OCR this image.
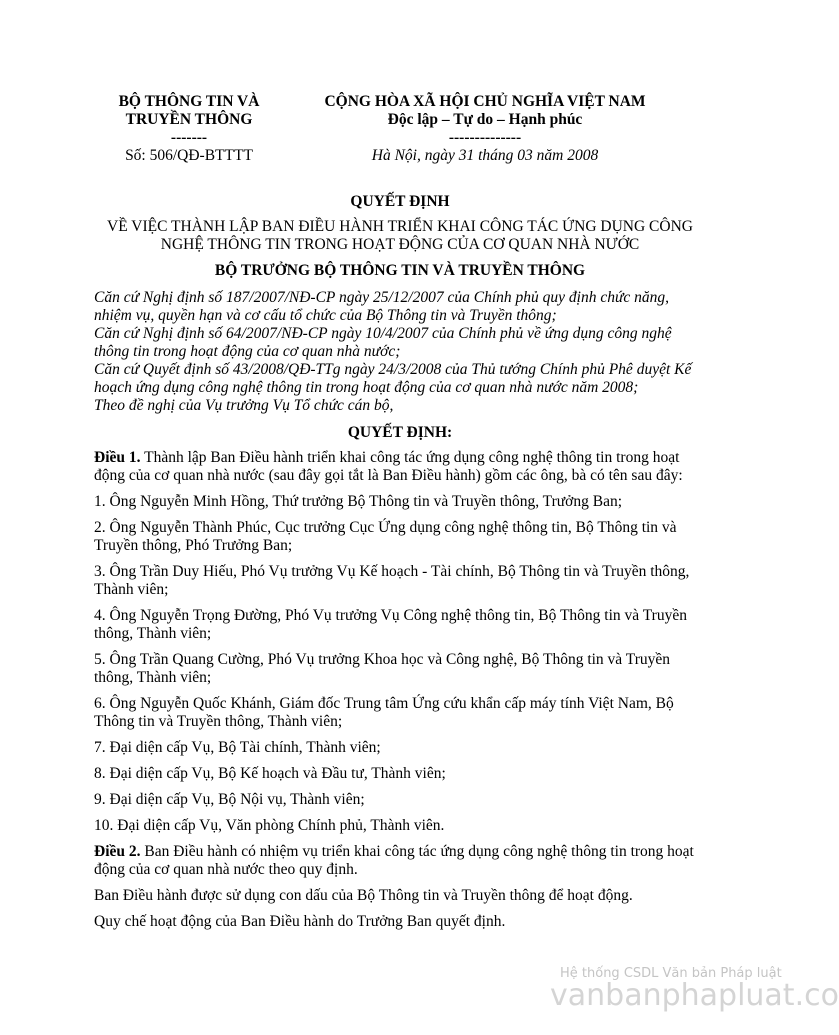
BỘ THÔNG TIN VÀ
TRUYỀN THÔNG
-------
CỘNG HÒA XÃ HỘI CHỦ NGHĨA VIỆT NAM
Độc lập – Tự do – Hạnh phúc
--------------
Số: 506/QĐ-BTTTT	Hà Nội, ngày 31 tháng 03 năm 2008
QUYẾT ĐỊNH
VỀ VIỆC THÀNH LẬP BAN ĐIỀU HÀNH TRIỂN KHAI CÔNG TÁC ỨNG DỤNG CÔNG
NGHỆ THÔNG TIN TRONG HOẠT ĐỘNG CỦA CƠ QUAN NHÀ NƯỚC
BỘ TRƯỞNG BỘ THÔNG TIN VÀ TRUYỀN THÔNG
Căn cứ Nghị định số 187/2007/NĐ-CP ngày 25/12/2007 của Chính phủ quy định chức năng,
nhiệm vụ, quyền hạn và cơ cấu tổ chức của Bộ Thông tin và Truyền thông;
Căn cứ Nghị định số 64/2007/NĐ-CP ngày 10/4/2007 của Chính phủ về ứng dụng công nghệ
thông tin trong hoạt động của cơ quan nhà nước;
Căn cứ Quyết định số 43/2008/QĐ-TTg ngày 24/3/2008 của Thủ tướng Chính phủ Phê duyệt Kế
hoạch ứng dụng công nghệ thông tin trong hoạt động của cơ quan nhà nước năm 2008;
Theo đề nghị của Vụ trưởng Vụ Tổ chức cán bộ,
QUYẾT ĐỊNH:
Điều 1. Thành lập Ban Điều hành triển khai công tác ứng dụng công nghệ thông tin trong hoạt
động của cơ quan nhà nước (sau đây gọi tắt là Ban Điều hành) gồm các ông, bà có tên sau đây:
1. Ông Nguyễn Minh Hồng, Thứ trưởng Bộ Thông tin và Truyền thông, Trưởng Ban;
2. Ông Nguyễn Thành Phúc, Cục trưởng Cục Ứng dụng công nghệ thông tin, Bộ Thông tin và
Truyền thông, Phó Trưởng Ban;
3. Ông Trần Duy Hiếu, Phó Vụ trưởng Vụ Kế hoạch - Tài chính, Bộ Thông tin và Truyền thông,
Thành viên;
4. Ông Nguyễn Trọng Đường, Phó Vụ trưởng Vụ Công nghệ thông tin, Bộ Thông tin và Truyền
thông, Thành viên;
5. Ông Trần Quang Cường, Phó Vụ trưởng Khoa học và Công nghệ, Bộ Thông tin và Truyền
thông, Thành viên;
6. Ông Nguyễn Quốc Khánh, Giám đốc Trung tâm Ứng cứu khẩn cấp máy tính Việt Nam, Bộ
Thông tin và Truyền thông, Thành viên;
7. Đại diện cấp Vụ, Bộ Tài chính, Thành viên;
8. Đại diện cấp Vụ, Bộ Kế hoạch và Đầu tư, Thành viên;
9. Đại diện cấp Vụ, Bộ Nội vụ, Thành viên;
10. Đại diện cấp Vụ, Văn phòng Chính phủ, Thành viên.
Điều 2. Ban Điều hành có nhiệm vụ triển khai công tác ứng dụng công nghệ thông tin trong hoạt
động của cơ quan nhà nước theo quy định.
Ban Điều hành được sử dụng con dấu của Bộ Thông tin và Truyền thông để hoạt động.
Quy chế hoạt động của Ban Điều hành do Trưởng Ban quyết định.
Hệ thống CSDL Văn bản Pháp luật
vanbanphapluat.co
